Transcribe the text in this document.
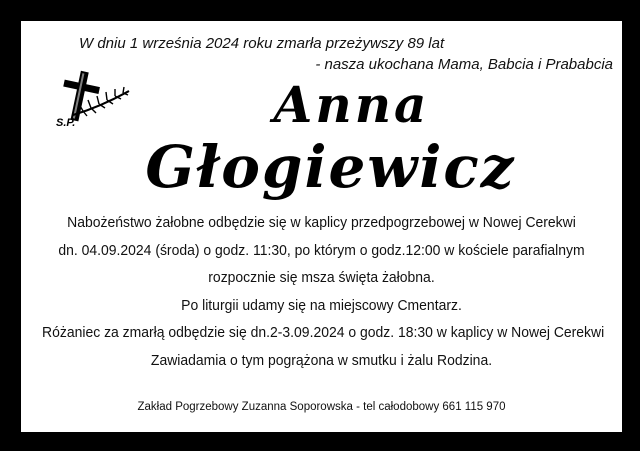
W dniu 1 września 2024 roku zmarła przeżywszy 89 lat
- nasza ukochana Mama, Babcia i Prababcia
S.P.	Anna
Głogiewicz
Nabożeństwo żałobne odbędzie się w kaplicy przedpogrzebowej w Nowej Cerekwi
dn. 04.09.2024 (środa) o godz. 11:30, po którym o godz.12:00 w kościele parafialnym
rozpocznie się msza święta żałobna.
Po liturgii udamy się na miejscowy Cmentarz.
Różaniec za zmarłą odbędzie się dn.2-3.09.2024 o godz. 18:30 w kaplicy w Nowej Cerekwi
Zawiadamia o tym pogrążona w smutku i żalu Rodzina.
Zakład Pogrzebowy Zuzanna Soporowska - tel całodobowy 661 115 970
